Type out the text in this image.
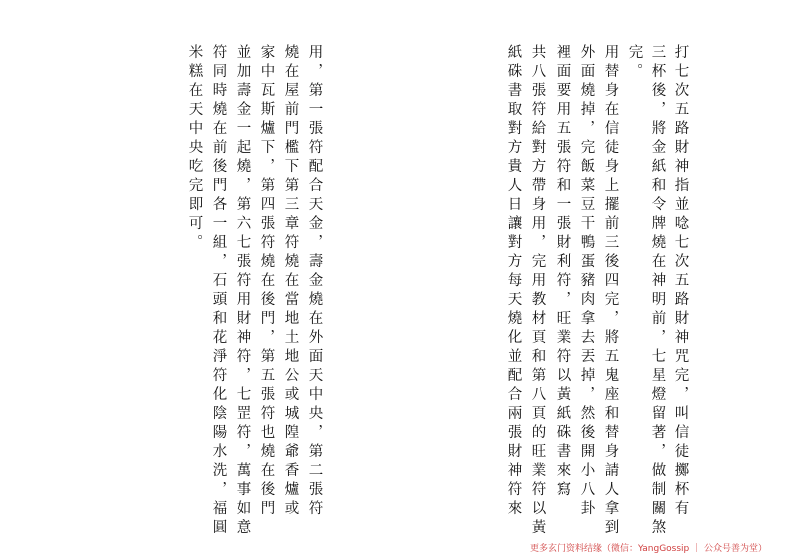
打七次五路財神指並唸七次五路財神咒完，叫信徒擲杯有
三杯後，將金紙和令牌燒在神明前，七星燈留著，做制關煞
完。
用替身在信徒身上擺前三後四完，將五鬼座和替身請人拿到
外面燒掉，完飯菜豆干鴨蛋豬肉拿去丟掉，然後開小八卦
裡面要用五張符和一張財利符，旺業符以黃紙硃書來寫
共八張符給對方帶身用，完用教材頁和第八頁的旺業符以黃
紙硃書取對方貴人日讓對方每天燒化並配合兩張財神符來
用，第一張符配合天金，壽金燒在外面天中央，第二張符
燒在屋前門檻下第三章符燒在當地土地公或城隍爺香爐或
家中瓦斯爐下，第四張符燒在後門，第五張符也燒在後門
並加壽金一起燒，第六七張符用財神符，七罡符，萬事如意
符同時燒在前後門各一組，石頭和花淨符化陰陽水洗，福圓
米糕在天中央吃完即可。
更多玄门资料结缘（微信：YangGossip ｜ 公众号善为堂）
